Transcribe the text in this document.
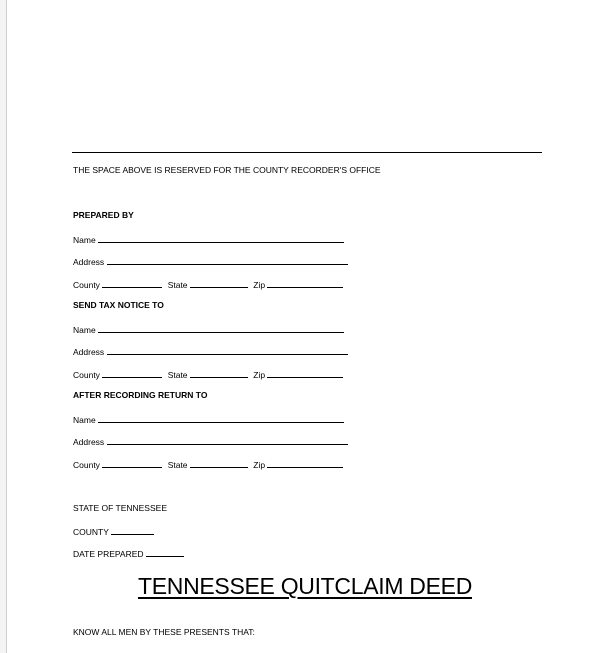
THE SPACE ABOVE IS RESERVED FOR THE COUNTY RECORDER'S OFFICE
PREPARED BY
Name
Address
County	State	Zip
SEND TAX NOTICE TO
Name
Address
County	State	Zip
AFTER RECORDING RETURN TO
Name
Address
County	State	Zip
STATE OF TENNESSEE
COUNTY
DATE PREPARED
TENNESSEE QUITCLAIM DEED
KNOW ALL MEN BY THESE PRESENTS THAT:
